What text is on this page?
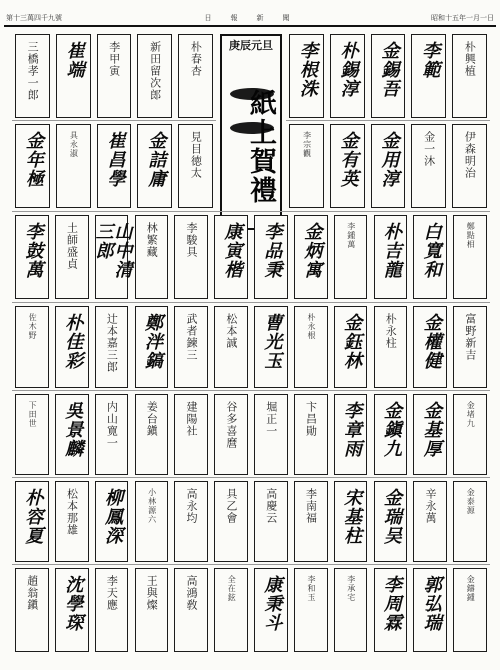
第十三萬四千九號	日　報　新　聞	昭和十五年一月一日
庚辰元旦
紙上賀禮
朴興植
李範
金錫吾
朴錫淳
李根洙
朴春杏
新田留次郎
李甲寅
崔端
三橋孝一郎
伊森明治
金一沐
金用淳
金有英
李宗觀
見目徳太
金詰庸
崔昌學
具永淑
金年極
鄭點相
白寬和
朴吉龍
李鍾萬
金炳寓
李品秉
康寅楷
李駿具
林繁藏
山中清三郎
土師盛貞
李鼓萬
富野新吉
金權健
朴永柱
金鈺林
朴永根
曹光玉
松本誠
武者鍊三
鄭泮鎬
辻本嘉三郎
朴佳彩
佐木野
金堵九
金基厚
金鎭九
李章雨
卞昌勛
堀正一
谷多喜麿
建陽社
姜台鎭
内山寛一
吳景麟
下田世
金泰源
辛永萬
金瑞吴
宋基柱
李南福
高慶云
具乙會
高永均
小林源六
柳鳳深
松本那雄
朴容夏
金鑄鍾
郭弘瑞
李周霖
李承宅
李和玉
康秉斗
全在鉉
高鴻敎
王與燦
李天應
沈學琛
趙翁鎭
